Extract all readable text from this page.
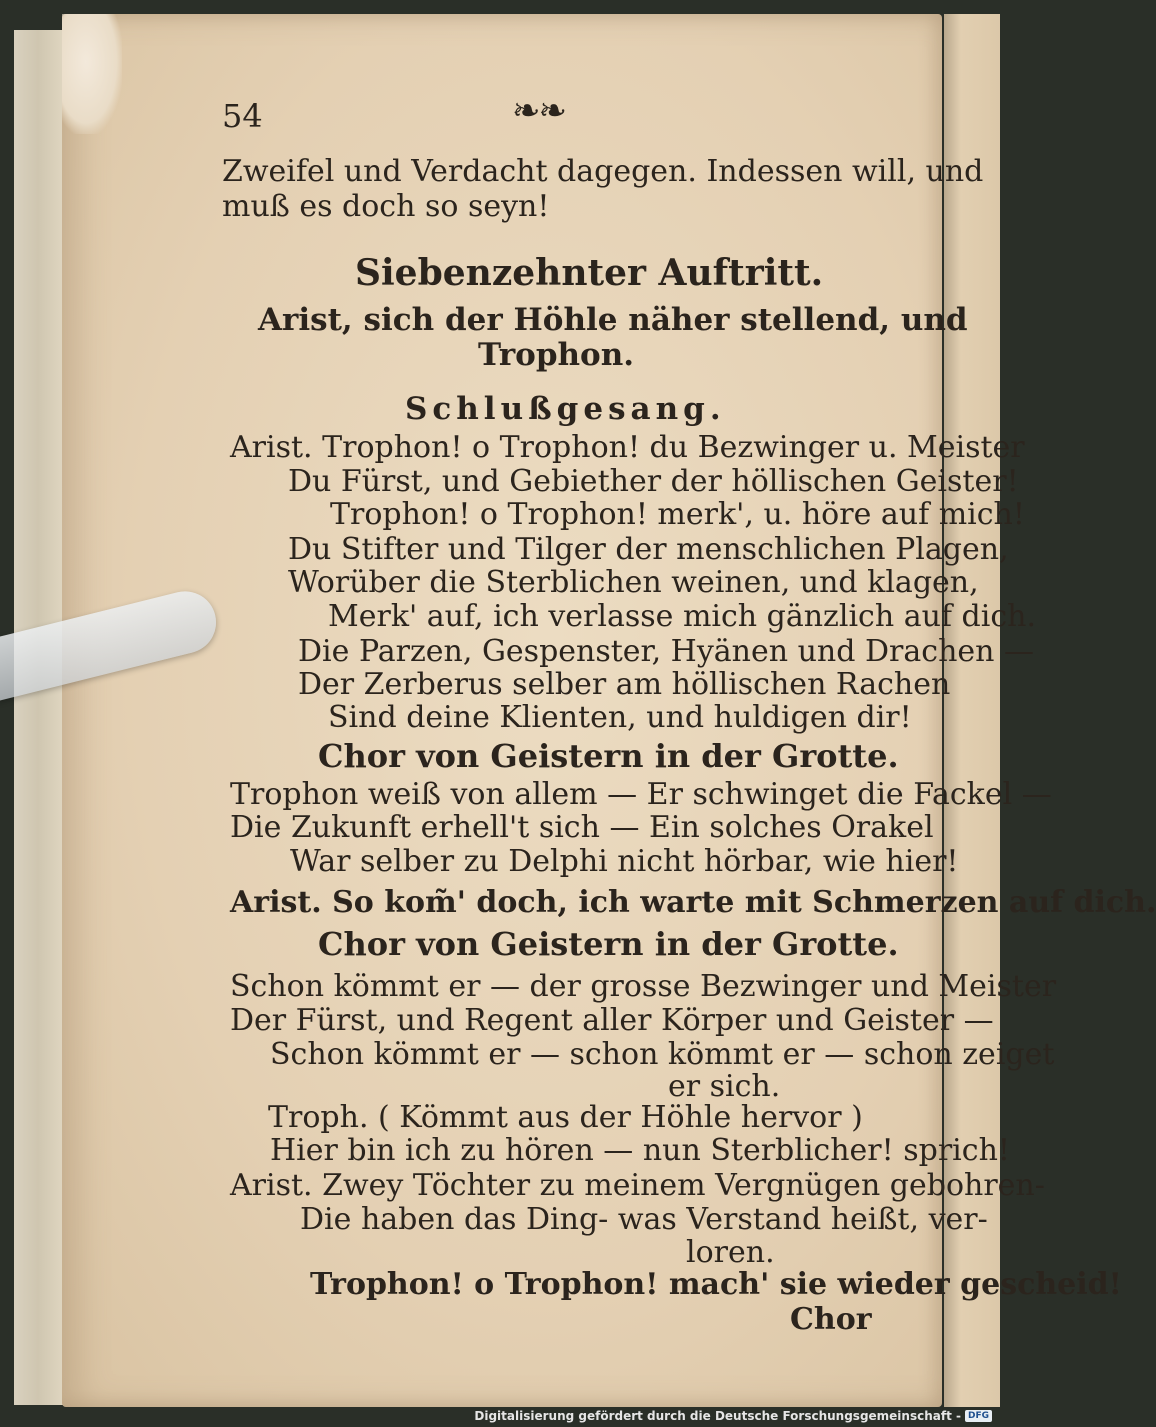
54	❧❧
Zweifel und Verdacht dagegen. Indessen will, und
muß es doch so seyn!
Siebenzehnter Auftritt.
Arist, sich der Höhle näher stellend, und
Trophon.
Schlußgesang.
Arist. Trophon! o Trophon! du Bezwinger u. Meister
Du Fürst, und Gebiether der höllischen Geister!
Trophon! o Trophon! merk', u. höre auf mich!
Du Stifter und Tilger der menschlichen Plagen,
Worüber die Sterblichen weinen, und klagen,
Merk' auf, ich verlasse mich gänzlich auf dich.
Die Parzen, Gespenster, Hyänen und Drachen —
Der Zerberus selber am höllischen Rachen
Sind deine Klienten, und huldigen dir!
Chor von Geistern in der Grotte.
Trophon weiß von allem — Er schwinget die Fackel —
Die Zukunft erhell't sich — Ein solches Orakel
War selber zu Delphi nicht hörbar, wie hier!
Arist. So kom̃' doch, ich warte mit Schmerzen auf dich.
Chor von Geistern in der Grotte.
Schon kömmt er — der grosse Bezwinger und Meister
Der Fürst, und Regent aller Körper und Geister —
Schon kömmt er — schon kömmt er — schon zeiget
er sich.
Troph. ( Kömmt aus der Höhle hervor )
Hier bin ich zu hören — nun Sterblicher! sprich!
Arist. Zwey Töchter zu meinem Vergnügen gebohren-
Die haben das Ding- was Verstand heißt, ver-
loren.
Trophon! o Trophon! mach' sie wieder gescheid!
Chor
Digitalisierung gefördert durch die Deutsche Forschungsgemeinschaft - DFG
